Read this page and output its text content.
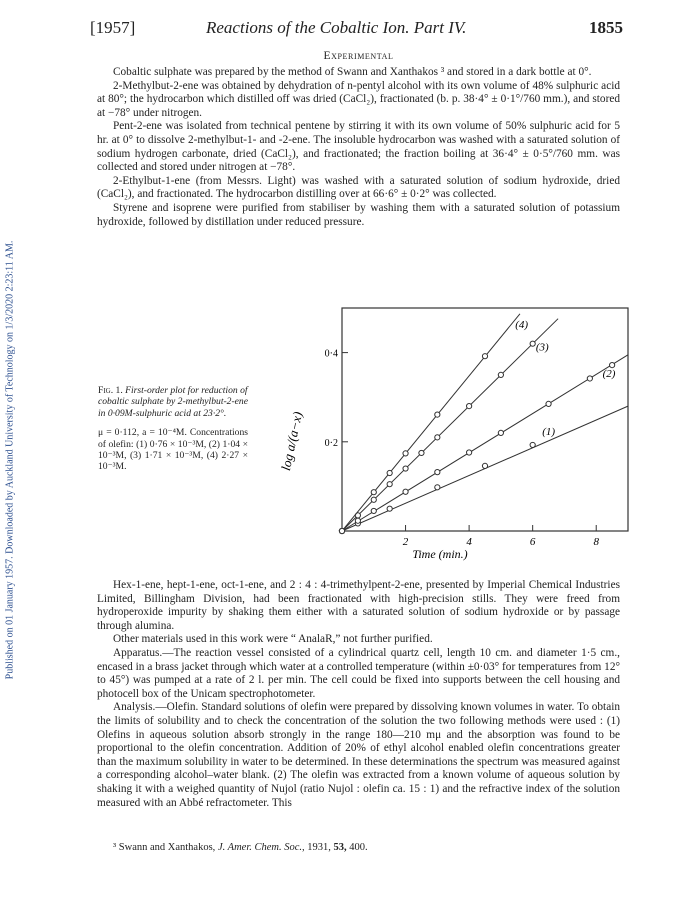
Published on 01 January 1957. Downloaded by Auckland University of Technology on 1/3/2020 2:23:11 AM.
[1957]	Reactions of the Cobaltic Ion. Part IV.	1855
Experimental

Cobaltic sulphate was prepared by the method of Swann and Xanthakos ³ and stored in a dark bottle at 0°.

2-Methylbut-2-ene was obtained by dehydration of n-pentyl alcohol with its own volume of 48% sulphuric acid at 80°; the hydrocarbon which distilled off was dried (CaCl₂), fractionated (b. p. 38·4° ± 0·1°/760 mm.), and stored at −78° under nitrogen.

Pent-2-ene was isolated from technical pentene by stirring it with its own volume of 50% sulphuric acid for 5 hr. at 0° to dissolve 2-methylbut-1- and -2-ene. The insoluble hydrocarbon was washed with a saturated solution of sodium hydrogen carbonate, dried (CaCl₂), and fractionated; the fraction boiling at 36·4° ± 0·5°/760 mm. was collected and stored under nitrogen at −78°.

2-Ethylbut-1-ene (from Messrs. Light) was washed with a saturated solution of sodium hydroxide, dried (CaCl₂), and fractionated. The hydrocarbon distilling over at 66·6° ± 0·2° was collected.

Styrene and isoprene were purified from stabiliser by washing them with a saturated solution of potassium hydroxide, followed by distillation under reduced pressure.

Fig. 1. First-order plot for reduction of cobaltic sulphate by 2-methylbut-2-ene in 0·09M-sulphuric acid at 23·2°.

μ = 0·112, a = 10⁻⁴M. Concentrations of olefin: (1) 0·76 × 10⁻³M, (2) 1·04 × 10⁻³M, (3) 1·71 × 10⁻³M, (4) 2·27 × 10⁻³M.

2	4	6	8
0·2
0·4
(1)
(2)
(3)
(4)
log a/(a−x)
Time (min.)

Hex-1-ene, hept-1-ene, oct-1-ene, and 2 : 4 : 4-trimethylpent-2-ene, presented by Imperial Chemical Industries Limited, Billingham Division, had been fractionated with high-precision stills. They were freed from hydroperoxide impurity by shaking them either with a saturated solution of sodium hydroxide or by passage through alumina.

Other materials used in this work were “ AnalaR,” not further purified.

Apparatus.—The reaction vessel consisted of a cylindrical quartz cell, length 10 cm. and diameter 1·5 cm., encased in a brass jacket through which water at a controlled temperature (within ±0·03° for temperatures from 12° to 45°) was pumped at a rate of 2 l. per min. The cell could be fixed into supports between the cell housing and photocell box of the Unicam spectrophotometer.

Analysis.—Olefin. Standard solutions of olefin were prepared by dissolving known volumes in water. To obtain the limits of solubility and to check the concentration of the solution the two following methods were used : (1) Olefins in aqueous solution absorb strongly in the range 180—210 mμ and the absorption was found to be proportional to the olefin concentration. Addition of 20% of ethyl alcohol enabled olefin concentrations greater than the maximum solubility in water to be determined. In these determinations the spectrum was measured against a corresponding alcohol–water blank. (2) The olefin was extracted from a known volume of aqueous solution by shaking it with a weighed quantity of Nujol (ratio Nujol : olefin ca. 15 : 1) and the refractive index of the solution measured with an Abbé refractometer. This

³ Swann and Xanthakos, J. Amer. Chem. Soc., 1931, 53, 400.
